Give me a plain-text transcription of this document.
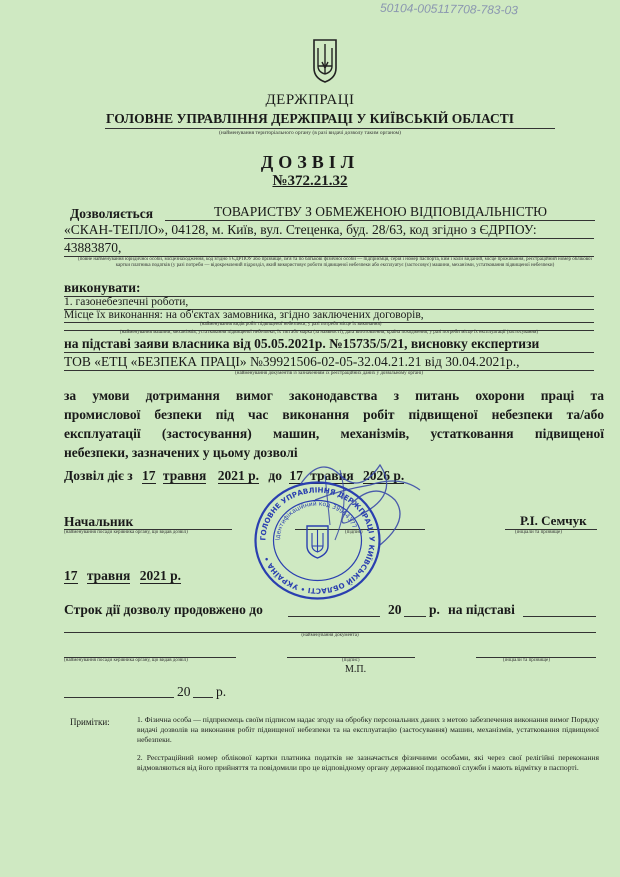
50104-005117708-783-03
ДЕРЖПРАЦІ
ГОЛОВНЕ УПРАВЛІННЯ ДЕРЖПРАЦІ У КИЇВСЬКІЙ ОБЛАСТІ
(найменування територіального органу (в разі видачі дозволу таким органом)
ДОЗВІЛ
№372.21.32
Дозволяється	ТОВАРИСТВУ З ОБМЕЖЕНОЮ ВІДПОВІДАЛЬНІСТЮ
«СКАН-ТЕПЛО», 04128, м. Київ, вул. Стеценка, буд. 28/63, код згідно з ЄДРПОУ:
43883870,
(повне найменування юридичної особи, місцезнаходження, код згідно з ЄДРПОУ або прізвище, ім'я та по батькові фізичної особи — підприємця, серія і номер паспорта, ким і коли виданий, місце проживання, реєстраційний номер облікової картки платника податків (у разі потреби — відокремлений підрозділ, який використовує роботи підвищеної небезпеки або експлуатує (застосовує) машини, механізми, устатковання підвищеної небезпеки)
виконувати:
1. газонебезпечні роботи,
Місце їх виконання: на об'єктах замовника, згідно заключених договорів,
(найменування видів робіт підвищеної небезпеки, у разі потреби місце їх виконання)
(найменування машини, механізмів, устатковання підвищеної небезпеки, їх тип або марка (за наявності), дата виготовлення, країна походження, у разі потреби місце їх експлуатації (застосування)
на підставі заяви власника від 05.05.2021р. №15735/5/21, висновку експертизи
ТОВ «ЕТЦ «БЕЗПЕКА ПРАЦІ» №39921506-02-05-32.04.21.21 від 30.04.2021р.,
(найменування документів із зазначенням їх реєстраційних даних у дозвільному органі)
за умови дотримання вимог законодавства з питань охорони праці та
промислової безпеки під час виконання робіт підвищеної небезпеки та/або
експлуатації (застосування) машин, механізмів, устатковання підвищеної
небезпеки, зазначених у цьому дозволі
Дозвіл діє з 17 травня 2021 р. до 17 травня 2026 р.
Начальник
(найменування посади керівника органу, що видав дозвіл)	(підпис)
Р.І. Семчук
(ініціали та прізвище)
17 травня 2021 р.
ГОЛОВНЕ УПРАВЛІННЯ ДЕРЖПРАЦІ У КИЇВСЬКІЙ ОБЛАСТІ • УКРАЇНА •
Ідентифікаційний код 39964377
Строк дії дозволу продовжено до	20 р. на підставі
(найменування документа)
(найменування посади керівника органу, що видав дозвіл)	(підпис)	(ініціали та прізвище)
М.П.
20 р.
Примітки:	1. Фізична особа — підприємець своїм підписом надає згоду на обробку персональних даних з метою забезпечення виконання вимог Порядку видачі дозволів на виконання робіт підвищеної небезпеки та на експлуатацію (застосування) машин, механізмів, устатковання підвищеної небезпеки.
2. Реєстраційний номер облікової картки платника податків не зазначається фізичними особами, які через свої релігійні переконання відмовляються від його прийняття та повідомили про це відповідному органу державної податкової служби і мають відмітку в паспорті.
